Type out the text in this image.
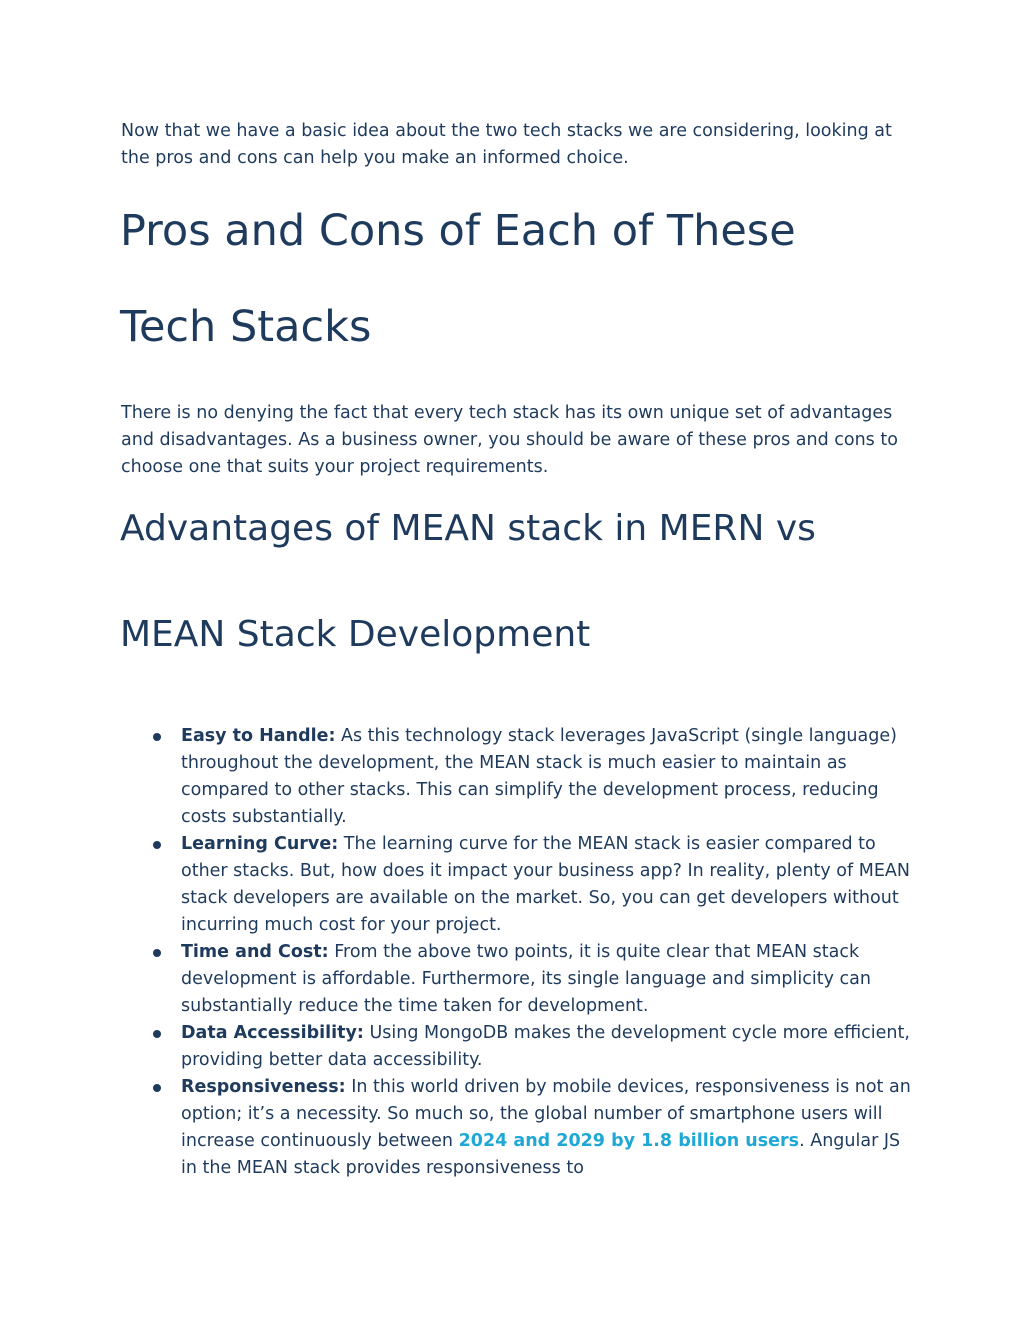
Now that we have a basic idea about the two tech stacks we are considering, looking at the pros and cons can help you make an informed choice.

Pros and Cons of Each of These
Tech Stacks

There is no denying the fact that every tech stack has its own unique set of advantages and disadvantages. As a business owner, you should be aware of these pros and cons to choose one that suits your project requirements.

Advantages of MEAN stack in MERN vs
MEAN Stack Development
Easy to Handle: As this technology stack leverages JavaScript (single language) throughout the development, the MEAN stack is much easier to maintain as compared to other stacks. This can simplify the development process, reducing costs substantially.
Learning Curve: The learning curve for the MEAN stack is easier compared to other stacks. But, how does it impact your business app? In reality, plenty of MEAN stack developers are available on the market. So, you can get developers without incurring much cost for your project.
Time and Cost: From the above two points, it is quite clear that MEAN stack development is affordable. Furthermore, its single language and simplicity can substantially reduce the time taken for development.
Data Accessibility: Using MongoDB makes the development cycle more efficient, providing better data accessibility.
Responsiveness: In this world driven by mobile devices, responsiveness is not an option; it’s a necessity. So much so, the global number of smartphone users will increase continuously between 2024 and 2029 by 1.8 billion users. Angular JS in the MEAN stack provides responsiveness to
